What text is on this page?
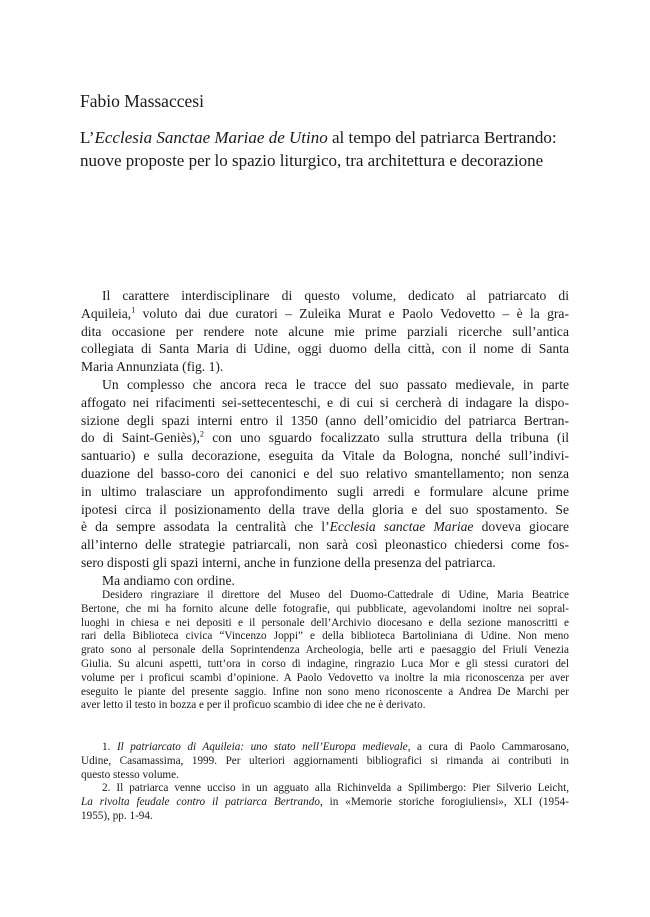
Fabio Massaccesi
L’Ecclesia Sanctae Mariae de Utino al tempo del patriarca Bertrando:
nuove proposte per lo spazio liturgico, tra architettura e decorazione
Il carattere interdisciplinare di questo volume, dedicato al patriarcato di
Aquileia,$^1$ voluto dai due curatori – Zuleika Murat e Paolo Vedovetto – è la gra-
dita occasione per rendere note alcune mie prime parziali ricerche sull’antica
collegiata di Santa Maria di Udine, oggi duomo della città, con il nome di Santa
Maria Annunziata (fig. 1).
Un complesso che ancora reca le tracce del suo passato medievale, in parte
affogato nei rifacimenti sei-settecenteschi, e di cui si cercherà di indagare la dispo-
sizione degli spazi interni entro il 1350 (anno dell’omicidio del patriarca Bertran-
do di Saint-Geniès),$^2$ con uno sguardo focalizzato sulla struttura della tribuna (il
santuario) e sulla decorazione, eseguita da Vitale da Bologna, nonché sull’indivi-
duazione del basso-coro dei canonici e del suo relativo smantellamento; non senza
in ultimo tralasciare un approfondimento sugli arredi e formulare alcune prime
ipotesi circa il posizionamento della trave della gloria e del suo spostamento. Se
è da sempre assodata la centralità che l’Ecclesia sanctae Mariae doveva giocare
all’interno delle strategie patriarcali, non sarà così pleonastico chiedersi come fos-
sero disposti gli spazi interni, anche in funzione della presenza del patriarca.
Ma andiamo con ordine.
Desidero ringraziare il direttore del Museo del Duomo-Cattedrale di Udine, Maria Beatrice
Bertone, che mi ha fornito alcune delle fotografie, qui pubblicate, agevolandomi inoltre nei sopral-
luoghi in chiesa e nei depositi e il personale dell’Archivio diocesano e della sezione manoscritti e
rari della Biblioteca civica “Vincenzo Joppi” e della biblioteca Bartoliniana di Udine. Non meno
grato sono al personale della Soprintendenza Archeologia, belle arti e paesaggio del Friuli Venezia
Giulia. Su alcuni aspetti, tutt’ora in corso di indagine, ringrazio Luca Mor e gli stessi curatori del
volume per i proficui scambi d’opinione. A Paolo Vedovetto va inoltre la mia riconoscenza per aver
eseguito le piante del presente saggio. Infine non sono meno riconoscente a Andrea De Marchi per
aver letto il testo in bozza e per il proficuo scambio di idee che ne è derivato.
1. Il patriarcato di Aquileia: uno stato nell’Europa medievale, a cura di Paolo Cammarosano,
Udine, Casamassima, 1999. Per ulteriori aggiornamenti bibliografici si rimanda ai contributi in
questo stesso volume.
2. Il patriarca venne ucciso in un agguato alla Richinvelda a Spilimbergo: Pier Silverio Leicht,
La rivolta feudale contro il patriarca Bertrando, in «Memorie storiche forogiuliensi», XLI (1954-
1955), pp. 1-94.
